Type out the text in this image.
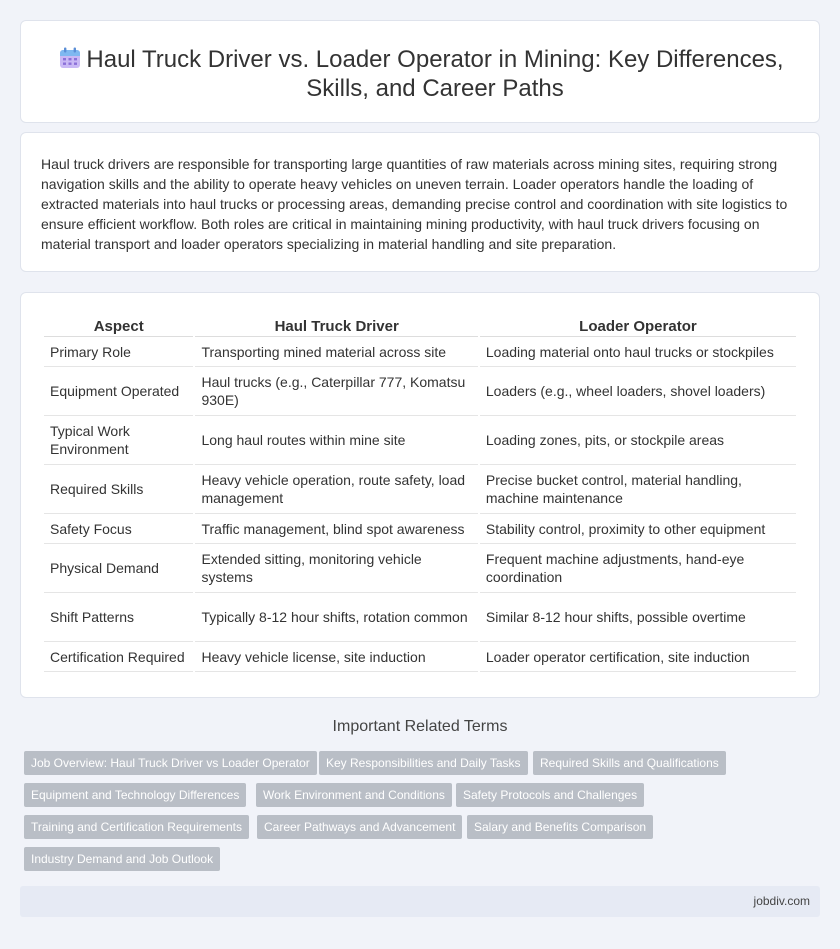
Haul Truck Driver vs. Loader Operator in Mining: Key Differences, Skills, and Career Paths

Haul truck drivers are responsible for transporting large quantities of raw materials across mining sites, requiring strong navigation skills and the ability to operate heavy vehicles on uneven terrain. Loader operators handle the loading of extracted materials into haul trucks or processing areas, demanding precise control and coordination with site logistics to ensure efficient workflow. Both roles are critical in maintaining mining productivity, with haul truck drivers focusing on material transport and loader operators specializing in material handling and site preparation.

Aspect	Haul Truck Driver	Loader Operator
Primary Role	Transporting mined material across site	Loading material onto haul trucks or stockpiles
Equipment Operated	Haul trucks (e.g., Caterpillar 777, Komatsu 930E)	Loaders (e.g., wheel loaders, shovel loaders)
Typical Work Environment	Long haul routes within mine site	Loading zones, pits, or stockpile areas
Required Skills	Heavy vehicle operation, route safety, load management	Precise bucket control, material handling, machine maintenance
Safety Focus	Traffic management, blind spot awareness	Stability control, proximity to other equipment
Physical Demand	Extended sitting, monitoring vehicle systems	Frequent machine adjustments, hand-eye coordination
Shift Patterns	Typically 8-12 hour shifts, rotation common	Similar 8-12 hour shifts, possible overtime
Certification Required	Heavy vehicle license, site induction	Loader operator certification, site induction
Important Related Terms
Job Overview: Haul Truck Driver vs Loader Operator	Key Responsibilities and Daily Tasks	Required Skills and Qualifications
Equipment and Technology Differences	Work Environment and Conditions	Safety Protocols and Challenges
Training and Certification Requirements	Career Pathways and Advancement	Salary and Benefits Comparison
Industry Demand and Job Outlook
jobdiv.com
